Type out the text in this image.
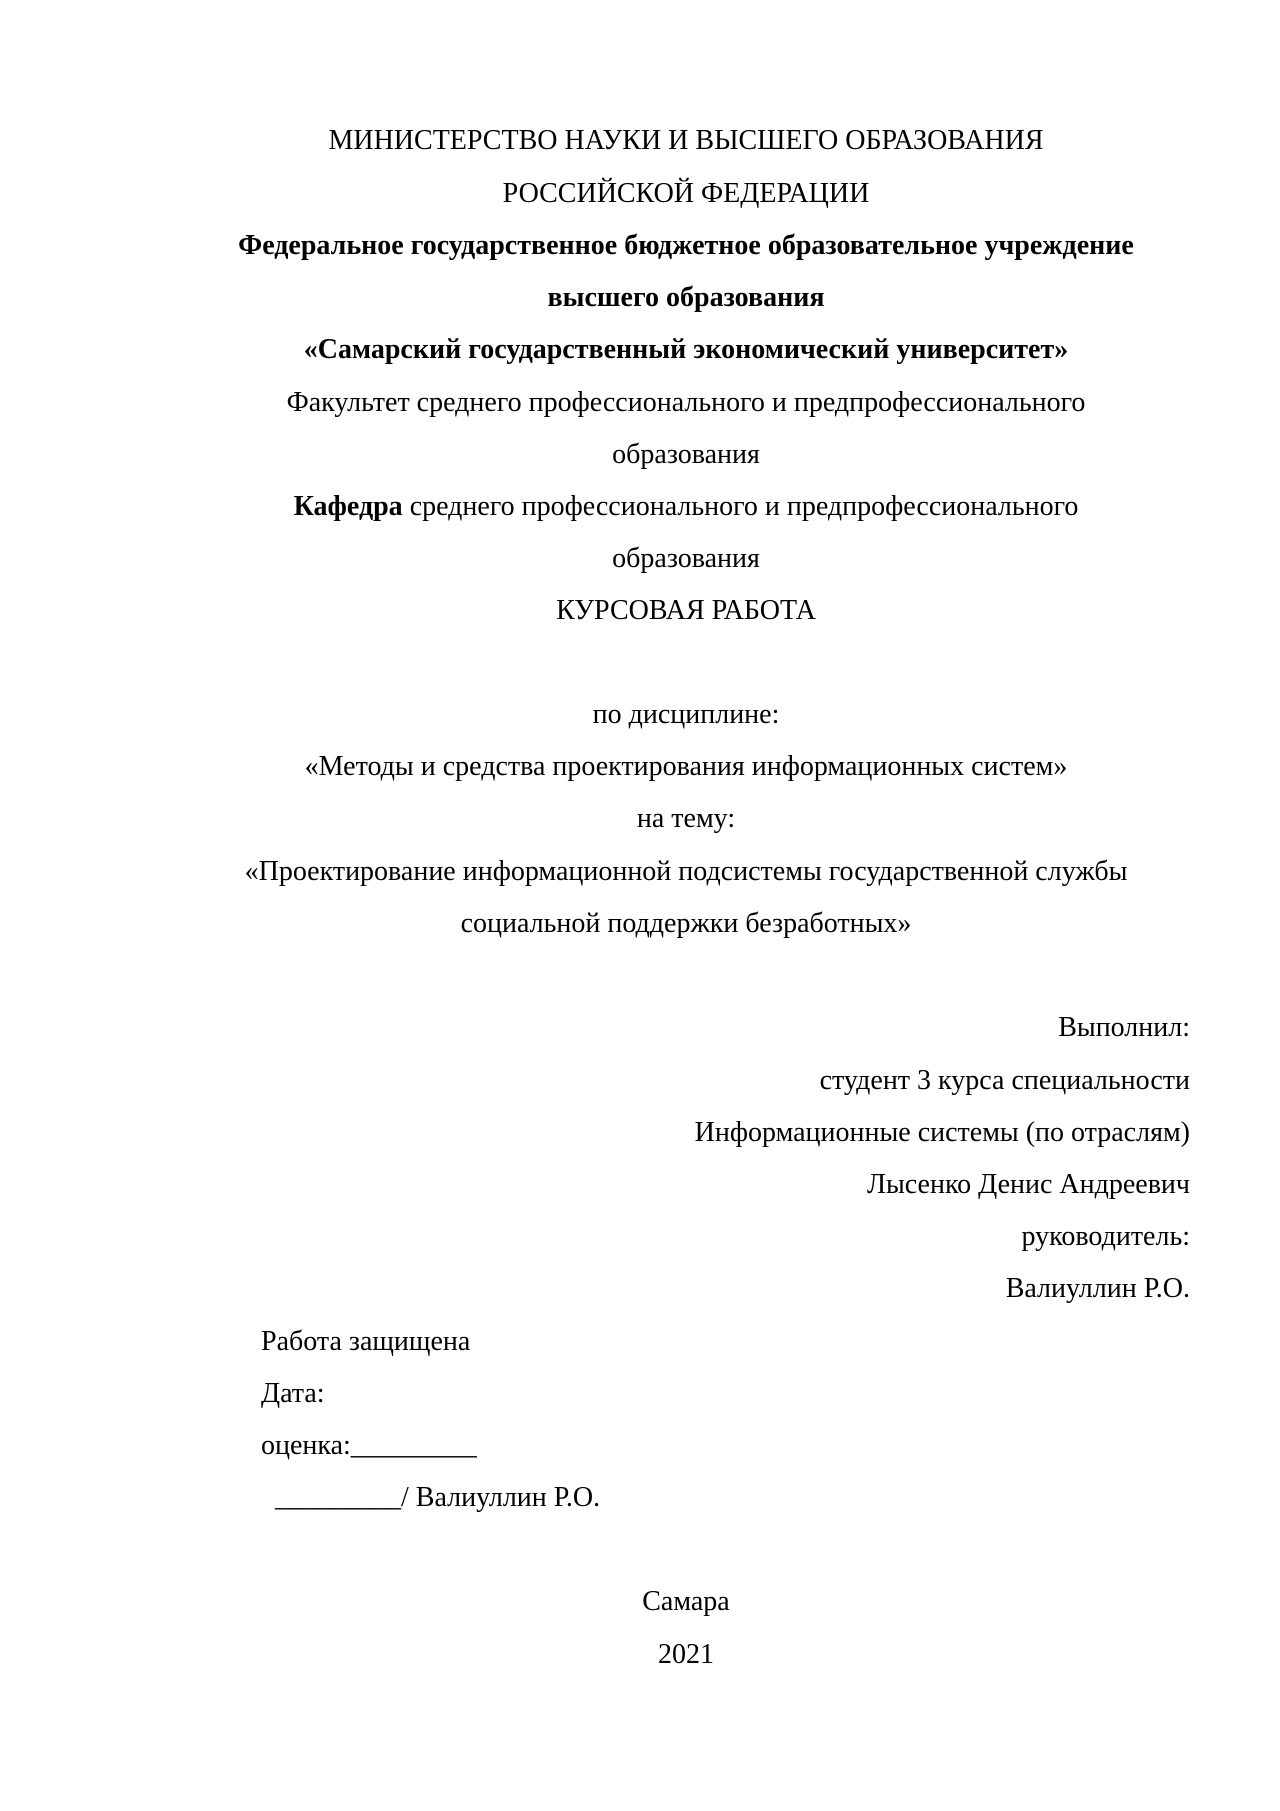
МИНИСТЕРСТВО НАУКИ И ВЫСШЕГО ОБРАЗОВАНИЯ
РОССИЙСКОЙ ФЕДЕРАЦИИ
Федеральное государственное бюджетное образовательное учреждение
высшего образования
«Самарский государственный экономический университет»
Факультет среднего профессионального и предпрофессионального
образования
Кафедра среднего профессионального и предпрофессионального
образования
КУРСОВАЯ РАБОТА
по дисциплине:
«Методы и средства проектирования информационных систем»
на тему:
«Проектирование информационной подсистемы государственной службы
социальной поддержки безработных»
Выполнил:
студент 3 курса специальности
Информационные системы (по отраслям)
Лысенко Денис Андреевич
руководитель:
Валиуллин Р.О.
Работа защищена
Дата:
оценка:_________
_________/ Валиуллин Р.О.
Самара
2021
